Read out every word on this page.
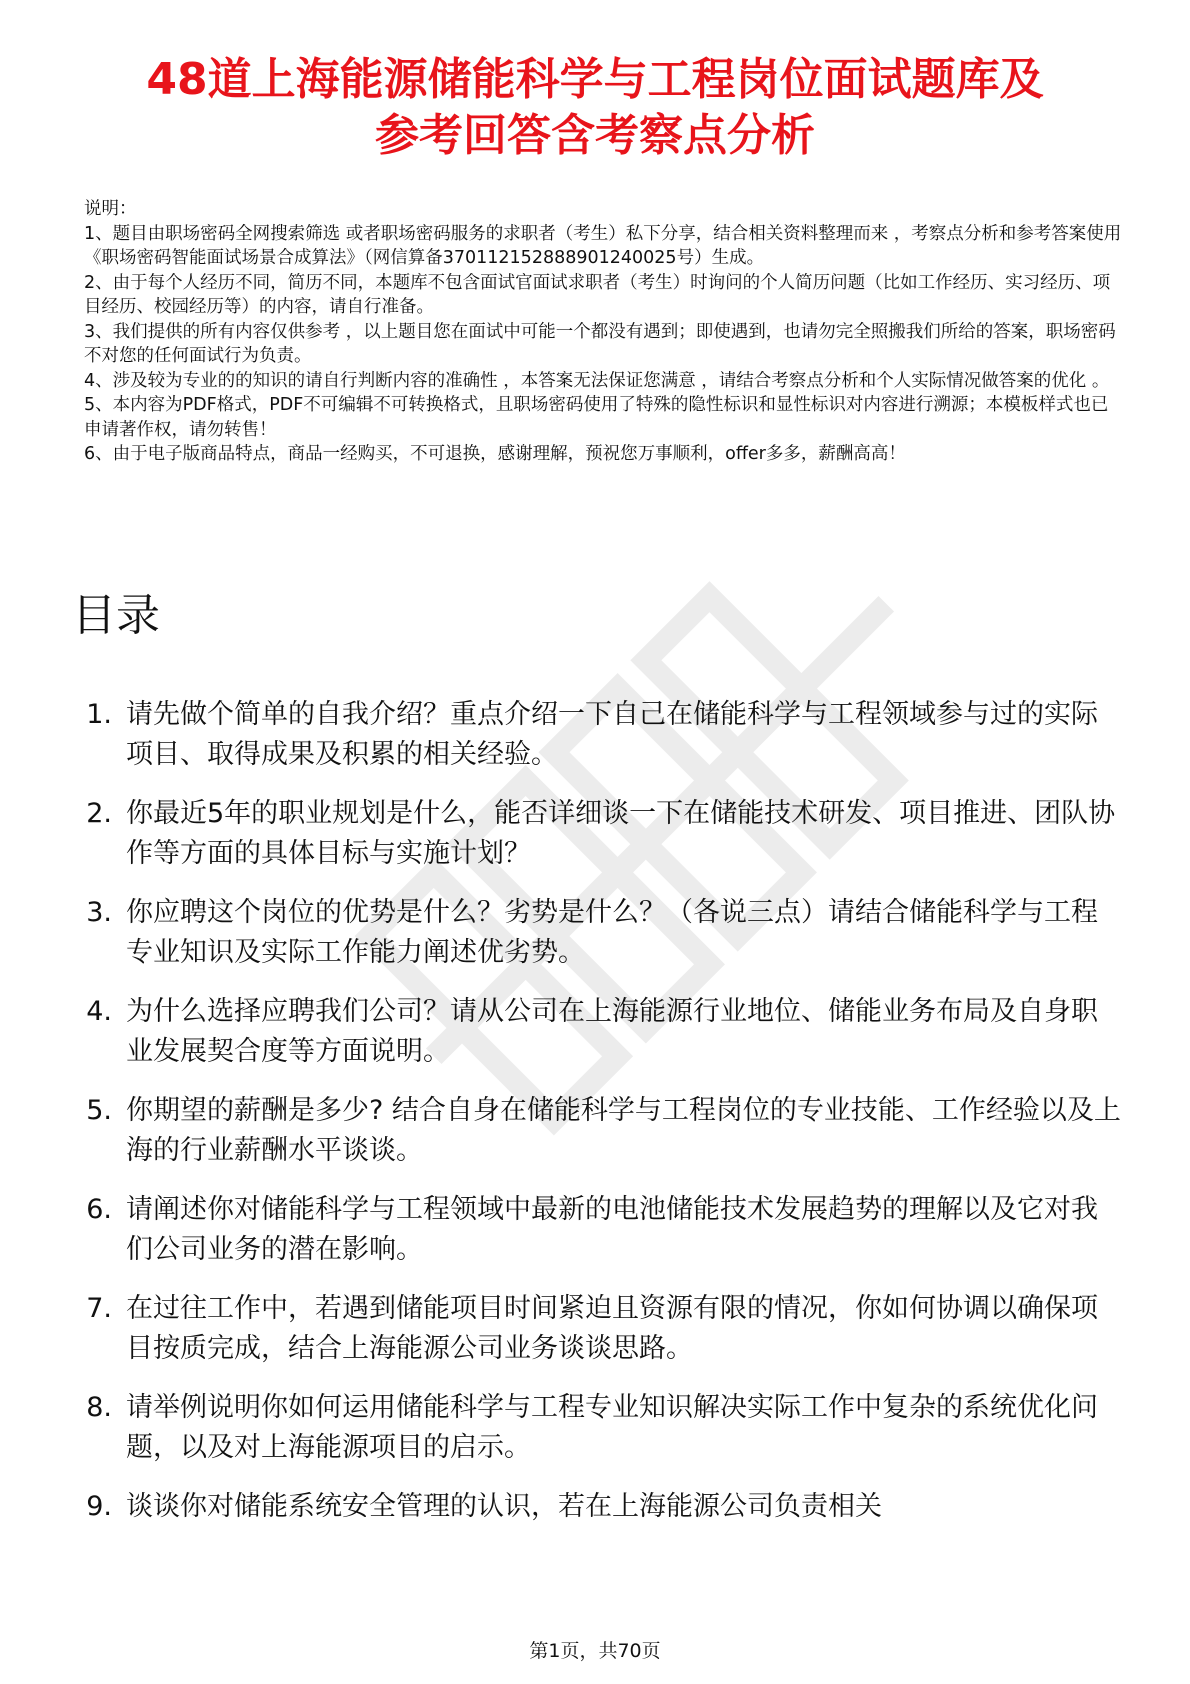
48道上海能源储能科学与工程岗位面试题库及
参考回答含考察点分析

说明：

1、题目由职场密码全网搜索筛选 或者职场密码服务的求职者（考生）私下分享，结合相关资料整理而来 ，考察点分析和参考答案使用《职场密码智能面试场景合成算法》（网信算备370112152888901240025号）生成。

2、由于每个人经历不同，简历不同，本题库不包含面试官面试求职者（考生）时询问的个人简历问题（比如工作经历、实习经历、项目经历、校园经历等）的内容，请自行准备。

3、我们提供的所有内容仅供参考 ，以上题目您在面试中可能一个都没有遇到；即使遇到，也请勿完全照搬我们所给的答案，职场密码不对您的任何面试行为负责。

4、涉及较为专业的的知识的请自行判断内容的准确性 ，本答案无法保证您满意 ，请结合考察点分析和个人实际情况做答案的优化 。

5、本内容为PDF格式，PDF不可编辑不可转换格式，且职场密码使用了特殊的隐性标识和显性标识对内容进行溯源；本模板样式也已申请著作权，请勿转售！

6、由于电子版商品特点，商品一经购买，不可退换，感谢理解，预祝您万事顺利，offer多多，薪酬高高！

目录
1. 请先做个简单的自我介绍？重点介绍一下自己在储能科学与工程领域参与过的实际项目、取得成果及积累的相关经验。
2. 你最近5年的职业规划是什么，能否详细谈一下在储能技术研发、项目推进、团队协作等方面的具体目标与实施计划？
3. 你应聘这个岗位的优势是什么？劣势是什么？（各说三点）请结合储能科学与工程专业知识及实际工作能力阐述优劣势。
4. 为什么选择应聘我们公司？请从公司在上海能源行业地位、储能业务布局及自身职业发展契合度等方面说明。
5. 你期望的薪酬是多少? 结合自身在储能科学与工程岗位的专业技能、工作经验以及上海的行业薪酬水平谈谈。
6. 请阐述你对储能科学与工程领域中最新的电池储能技术发展趋势的理解以及它对我们公司业务的潜在影响。
7. 在过往工作中，若遇到储能项目时间紧迫且资源有限的情况，你如何协调以确保项目按质完成，结合上海能源公司业务谈谈思路。
8. 请举例说明你如何运用储能科学与工程专业知识解决实际工作中复杂的系统优化问题，以及对上海能源项目的启示。
9. 谈谈你对储能系统安全管理的认识，若在上海能源公司负责相关
第1页，共70页
